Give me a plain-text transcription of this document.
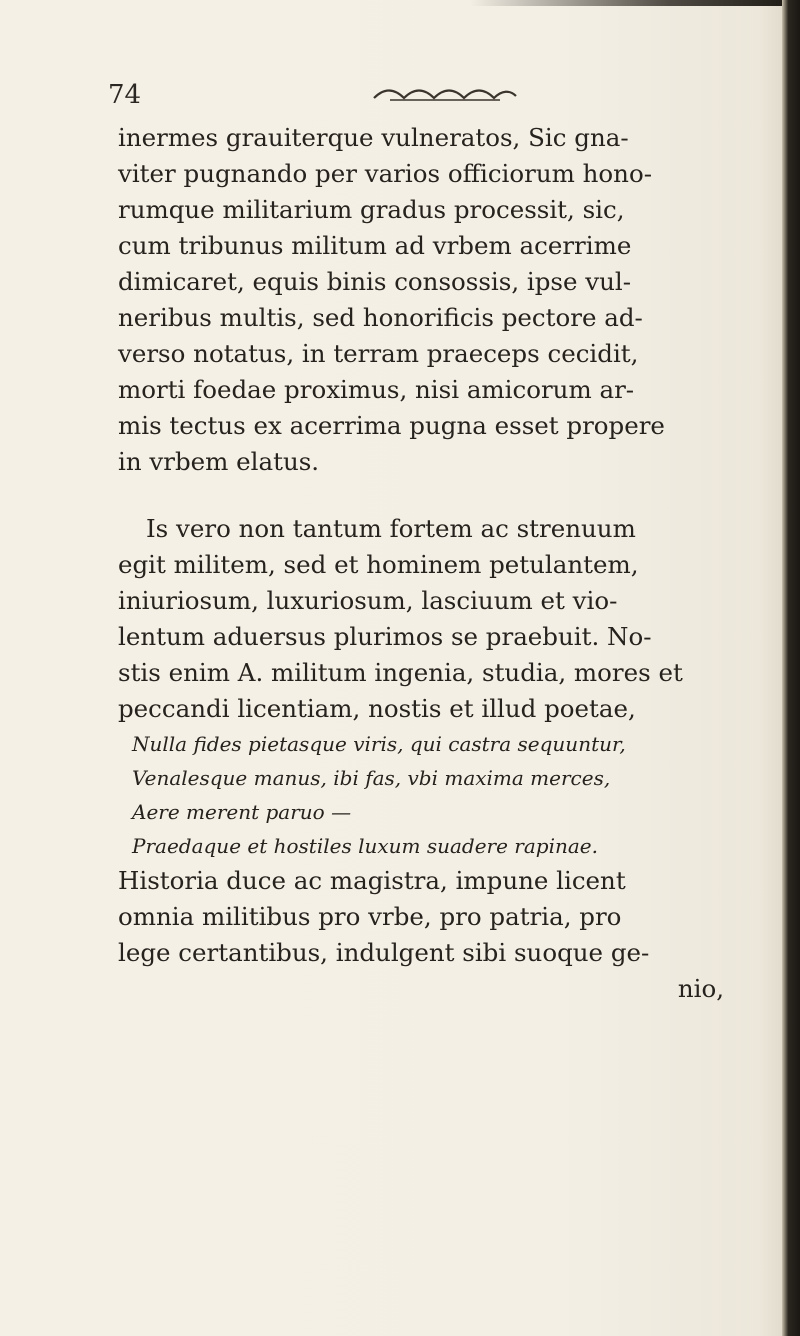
74
inermes grauiterque vulneratos, Sic gna-
viter pugnando per varios officiorum hono-
rumque militarium gradus processit, sic,
cum tribunus militum ad vrbem acerrime
dimicaret, equis binis consossis, ipse vul-
neribus multis, sed honorificis pectore ad-
verso notatus, in terram praeceps cecidit,
morti foedae proximus, nisi amicorum ar-
mis tectus ex acerrima pugna esset propere
in vrbem elatus.
Is vero non tantum fortem ac strenuum
egit militem, sed et hominem petulantem,
iniuriosum, luxuriosum, lasciuum et vio-
lentum aduersus plurimos se praebuit. No-
stis enim A. militum ingenia, studia, mores et
peccandi licentiam, nostis et illud poetae,
Nulla fides pietasque viris, qui castra sequuntur,
Venalesque manus, ibi fas, vbi maxima merces,
Aere merent paruo —
Praedaque et hostiles luxum suadere rapinae.
Historia duce ac magistra, impune licent
omnia militibus pro vrbe, pro patria, pro
lege certantibus, indulgent sibi suoque ge-
nio,
